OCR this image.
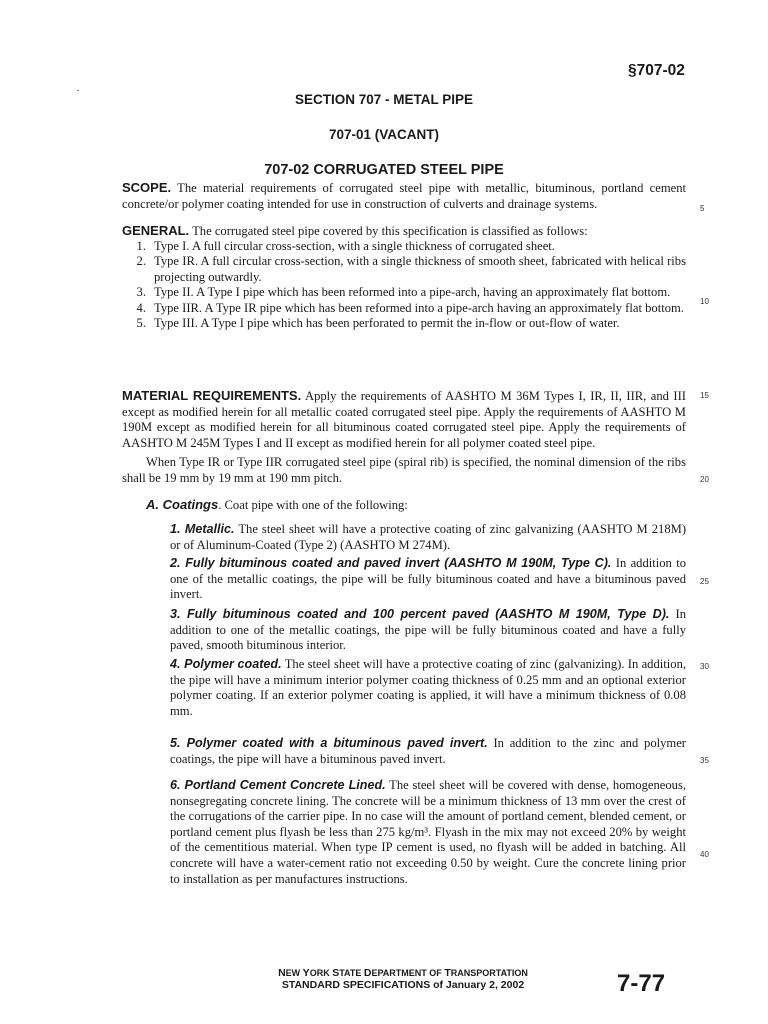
§707-02
SECTION 707 - METAL PIPE
707-01 (VACANT)
707-02 CORRUGATED STEEL PIPE
SCOPE. The material requirements of corrugated steel pipe with metallic, bituminous, portland cement concrete/or polymer coating intended for use in construction of culverts and drainage systems.
GENERAL. The corrugated steel pipe covered by this specification is classified as follows:
1. Type I. A full circular cross-section, with a single thickness of corrugated sheet.
2. Type IR. A full circular cross-section, with a single thickness of smooth sheet, fabricated with helical ribs projecting outwardly.
3. Type II. A Type I pipe which has been reformed into a pipe-arch, having an approximately flat bottom.
4. Type IIR. A Type IR pipe which has been reformed into a pipe-arch having an approximately flat bottom.
5. Type III. A Type I pipe which has been perforated to permit the in-flow or out-flow of water.
MATERIAL REQUIREMENTS. Apply the requirements of AASHTO M 36M Types I, IR, II, IIR, and III except as modified herein for all metallic coated corrugated steel pipe. Apply the requirements of AASHTO M 190M except as modified herein for all bituminous coated corrugated steel pipe. Apply the requirements of AASHTO M 245M Types I and II except as modified herein for all polymer coated steel pipe.
When Type IR or Type IIR corrugated steel pipe (spiral rib) is specified, the nominal dimension of the ribs shall be 19 mm by 19 mm at 190 mm pitch.
A. Coatings. Coat pipe with one of the following:
1. Metallic. The steel sheet will have a protective coating of zinc galvanizing (AASHTO M 218M) or of Aluminum-Coated (Type 2) (AASHTO M 274M).
2. Fully bituminous coated and paved invert (AASHTO M 190M, Type C). In addition to one of the metallic coatings, the pipe will be fully bituminous coated and have a bituminous paved invert.
3. Fully bituminous coated and 100 percent paved (AASHTO M 190M, Type D). In addition to one of the metallic coatings, the pipe will be fully bituminous coated and have a fully paved, smooth bituminous interior.
4. Polymer coated. The steel sheet will have a protective coating of zinc (galvanizing). In addition, the pipe will have a minimum interior polymer coating thickness of 0.25 mm and an optional exterior polymer coating. If an exterior polymer coating is applied, it will have a minimum thickness of 0.08 mm.
5. Polymer coated with a bituminous paved invert. In addition to the zinc and polymer coatings, the pipe will have a bituminous paved invert.
6. Portland Cement Concrete Lined. The steel sheet will be covered with dense, homogeneous, nonsegregating concrete lining. The concrete will be a minimum thickness of 13 mm over the crest of the corrugations of the carrier pipe. In no case will the amount of portland cement, blended cement, or portland cement plus flyash be less than 275 kg/m³. Flyash in the mix may not exceed 20% by weight of the cementitious material. When type IP cement is used, no flyash will be added in batching. All concrete will have a water-cement ratio not exceeding 0.50 by weight. Cure the concrete lining prior to installation as per manufactures instructions.
5
10
15
20
25
30
35
40
NEW YORK STATE DEPARTMENT OF TRANSPORTATION
STANDARD SPECIFICATIONS of January 2, 2002	7-77
